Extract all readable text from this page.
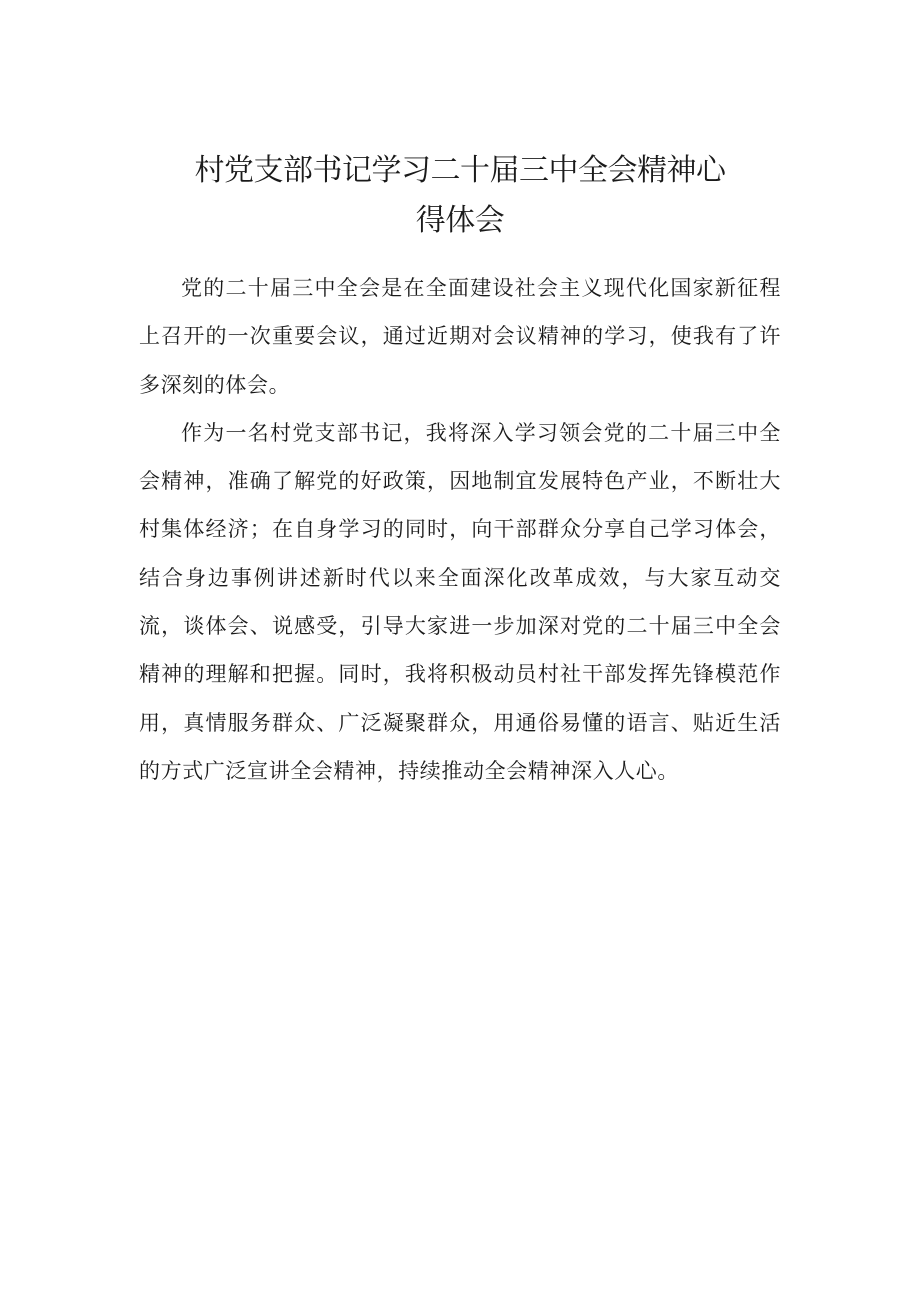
村党支部书记学习二十届三中全会精神心
得体会

党的二十届三中全会是在全面建设社会主义现代化国家新征程上召开的一次重要会议，通过近期对会议精神的学习，使我有了许多深刻的体会。

作为一名村党支部书记，我将深入学习领会党的二十届三中全会精神，准确了解党的好政策，因地制宜发展特色产业，不断壮大村集体经济；在自身学习的同时，向干部群众分享自己学习体会，结合身边事例讲述新时代以来全面深化改革成效，与大家互动交流，谈体会、说感受，引导大家进一步加深对党的二十届三中全会精神的理解和把握。同时，我将积极动员村社干部发挥先锋模范作用，真情服务群众、广泛凝聚群众，用通俗易懂的语言、贴近生活的方式广泛宣讲全会精神，持续推动全会精神深入人心。
